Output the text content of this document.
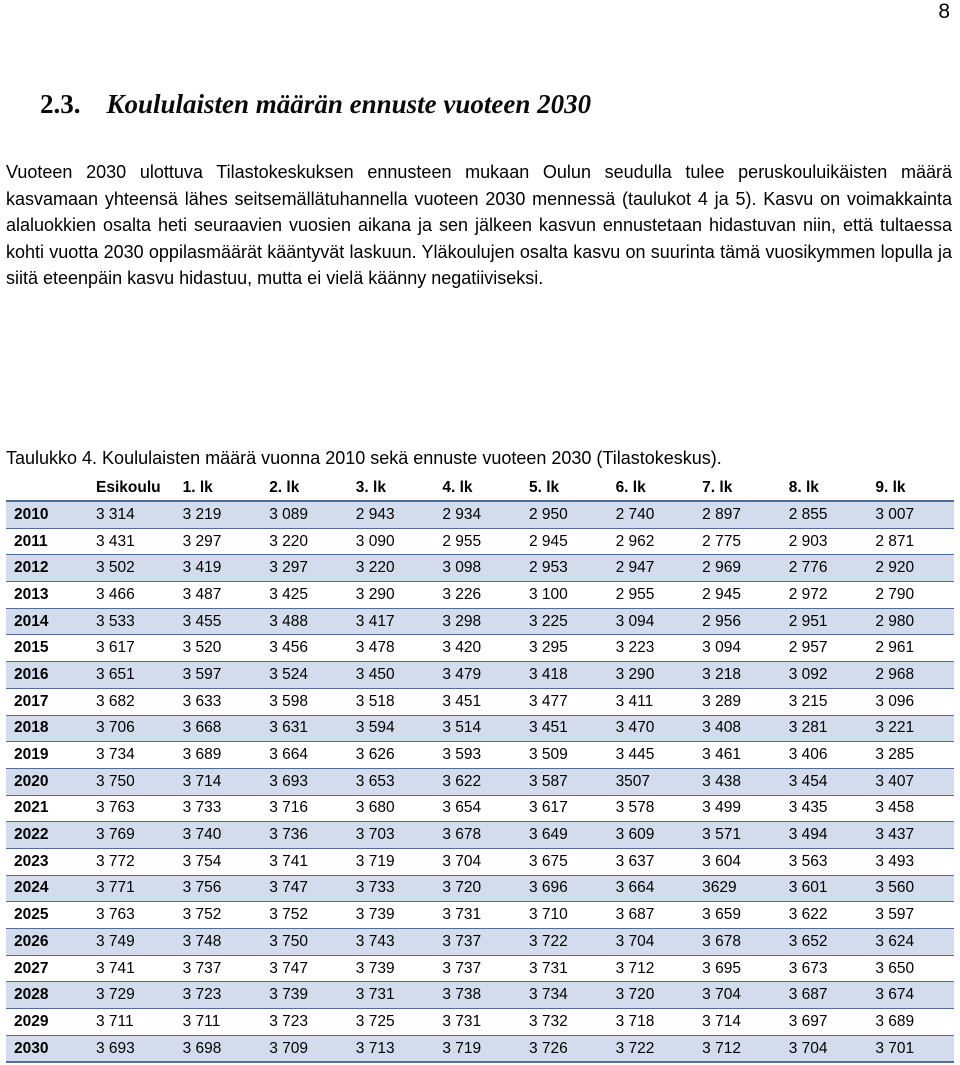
8
2.3. Koululaisten määrän ennuste vuoteen 2030

Vuoteen 2030 ulottuva Tilastokeskuksen ennusteen mukaan Oulun seudulla tulee peruskouluikäisten määrä kasvamaan yhteensä lähes seitsemällätuhannella vuoteen 2030 mennessä (taulukot 4 ja 5). Kasvu on voimakkainta alaluokkien osalta heti seuraavien vuosien aikana ja sen jälkeen kasvun ennustetaan hidastuvan niin, että tultaessa kohti vuotta 2030 oppilasmäärät kääntyvät laskuun. Yläkoulujen osalta kasvu on suurinta tämä vuosikymmen lopulla ja siitä eteenpäin kasvu hidastuu, mutta ei vielä käänny negatiiviseksi.

Taulukko 4. Koululaisten määrä vuonna 2010 sekä ennuste vuoteen 2030 (Tilastokeskus).

	Esikoulu	1. lk	2. lk	3. lk	4. lk	5. lk	6. lk	7. lk	8. lk	9. lk
2010	3 314	3 219	3 089	2 943	2 934	2 950	2 740	2 897	2 855	3 007
2011	3 431	3 297	3 220	3 090	2 955	2 945	2 962	2 775	2 903	2 871
2012	3 502	3 419	3 297	3 220	3 098	2 953	2 947	2 969	2 776	2 920
2013	3 466	3 487	3 425	3 290	3 226	3 100	2 955	2 945	2 972	2 790
2014	3 533	3 455	3 488	3 417	3 298	3 225	3 094	2 956	2 951	2 980
2015	3 617	3 520	3 456	3 478	3 420	3 295	3 223	3 094	2 957	2 961
2016	3 651	3 597	3 524	3 450	3 479	3 418	3 290	3 218	3 092	2 968
2017	3 682	3 633	3 598	3 518	3 451	3 477	3 411	3 289	3 215	3 096
2018	3 706	3 668	3 631	3 594	3 514	3 451	3 470	3 408	3 281	3 221
2019	3 734	3 689	3 664	3 626	3 593	3 509	3 445	3 461	3 406	3 285
2020	3 750	3 714	3 693	3 653	3 622	3 587	3507	3 438	3 454	3 407
2021	3 763	3 733	3 716	3 680	3 654	3 617	3 578	3 499	3 435	3 458
2022	3 769	3 740	3 736	3 703	3 678	3 649	3 609	3 571	3 494	3 437
2023	3 772	3 754	3 741	3 719	3 704	3 675	3 637	3 604	3 563	3 493
2024	3 771	3 756	3 747	3 733	3 720	3 696	3 664	3629	3 601	3 560
2025	3 763	3 752	3 752	3 739	3 731	3 710	3 687	3 659	3 622	3 597
2026	3 749	3 748	3 750	3 743	3 737	3 722	3 704	3 678	3 652	3 624
2027	3 741	3 737	3 747	3 739	3 737	3 731	3 712	3 695	3 673	3 650
2028	3 729	3 723	3 739	3 731	3 738	3 734	3 720	3 704	3 687	3 674
2029	3 711	3 711	3 723	3 725	3 731	3 732	3 718	3 714	3 697	3 689
2030	3 693	3 698	3 709	3 713	3 719	3 726	3 722	3 712	3 704	3 701
